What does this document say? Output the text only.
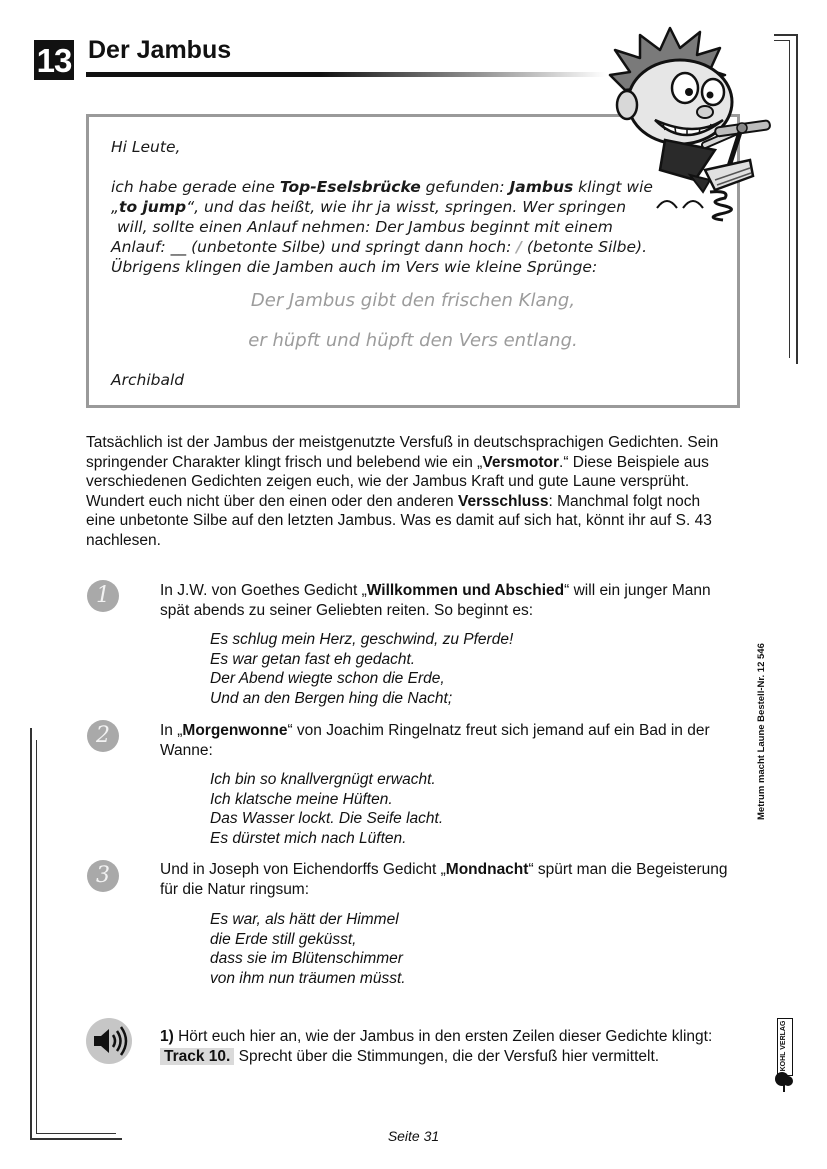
13 Der Jambus
Hi Leute,
ich habe gerade eine Top-Eselsbrücke gefunden: Jambus klingt wie
„to jump“, und das heißt, wie ihr ja wisst, springen. Wer springen
will, sollte einen Anlauf nehmen: Der Jambus beginnt mit einem
Anlauf: __ (unbetonte Silbe) und springt dann hoch: / (betonte Silbe).
Übrigens klingen die Jamben auch im Vers wie kleine Sprünge:
Der Jambus gibt den frischen Klang,
er hüpft und hüpft den Vers entlang.
Archibald
Tatsächlich ist der Jambus der meistgenutzte Versfuß in deutschsprachigen Gedichten. Sein
springender Charakter klingt frisch und belebend wie ein „Versmotor.“ Diese Beispiele aus
verschiedenen Gedichten zeigen euch, wie der Jambus Kraft und gute Laune versprüht.
Wundert euch nicht über den einen oder den anderen Versschluss: Manchmal folgt noch
eine unbetonte Silbe auf den letzten Jambus. Was es damit auf sich hat, könnt ihr auf S. 43
nachlesen.
1	In J.W. von Goethes Gedicht „Willkommen und Abschied“ will ein junger Mann
spät abends zu seiner Geliebten reiten. So beginnt es:
Es schlug mein Herz, geschwind, zu Pferde!
Es war getan fast eh gedacht.
Der Abend wiegte schon die Erde,
Und an den Bergen hing die Nacht;
2	In „Morgenwonne“ von Joachim Ringelnatz freut sich jemand auf ein Bad in der
Wanne:
Ich bin so knallvergnügt erwacht.
Ich klatsche meine Hüften.
Das Wasser lockt. Die Seife lacht.
Es dürstet mich nach Lüften.
3	Und in Joseph von Eichendorffs Gedicht „Mondnacht“ spürt man die Begeisterung
für die Natur ringsum:
Es war, als hätt der Himmel
die Erde still geküsst,
dass sie im Blütenschimmer
von ihm nun träumen müsst.
1) Hört euch hier an, wie der Jambus in den ersten Zeilen dieser Gedichte klingt:
Track 10. Sprecht über die Stimmungen, die der Versfuß hier vermittelt.
Metrum macht Laune Bestell-Nr. 12 546
KOHL VERLAG
Seite 31
